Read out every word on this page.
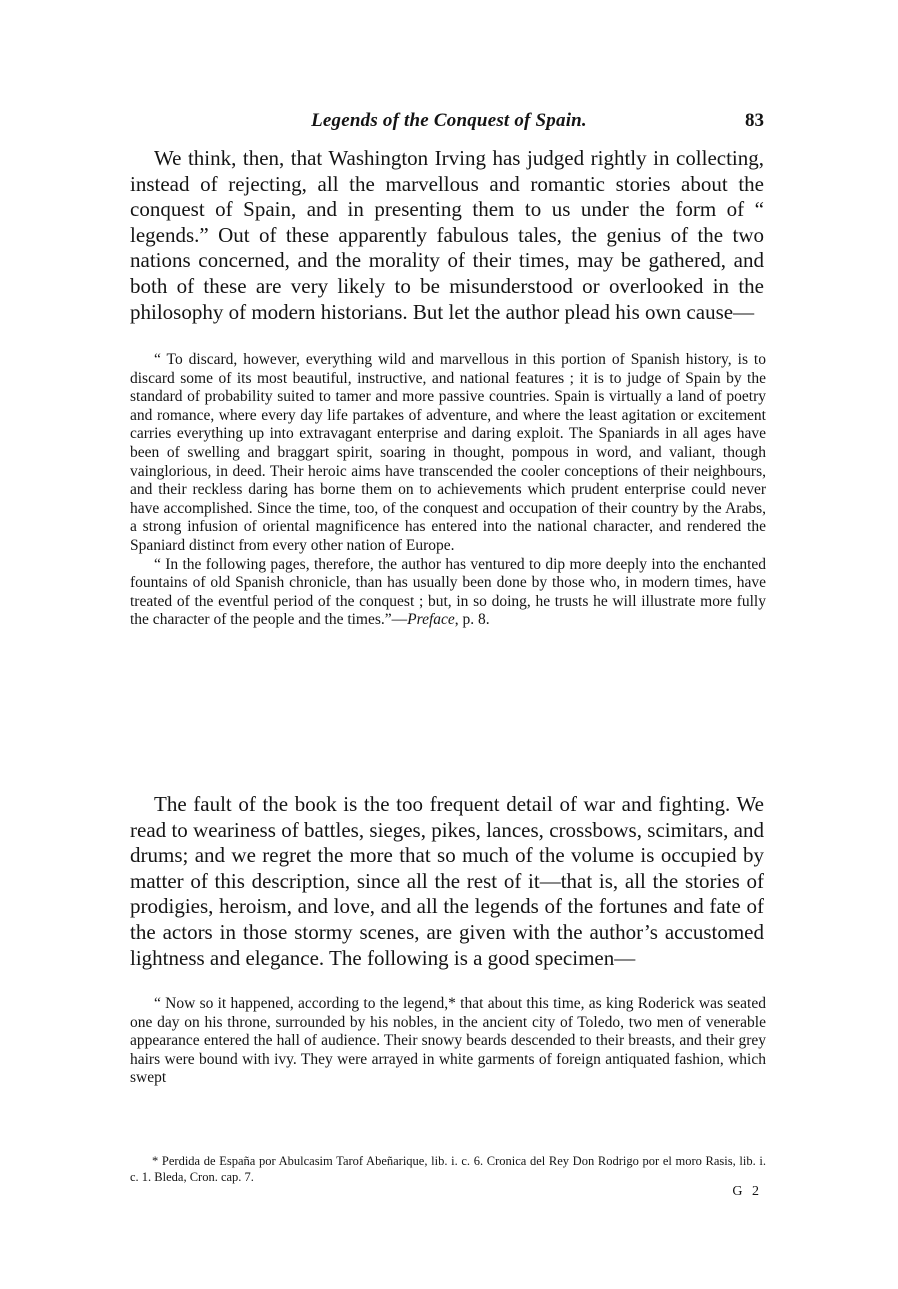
Legends of the Conquest of Spain.	83

We think, then, that Washington Irving has judged rightly in collecting, instead of rejecting, all the marvellous and romantic stories about the conquest of Spain, and in presenting them to us under the form of “ legends.” Out of these apparently fabulous tales, the genius of the two nations concerned, and the morality of their times, may be gathered, and both of these are very likely to be misunderstood or overlooked in the philosophy of modern historians. But let the author plead his own cause—

“ To discard, however, everything wild and marvellous in this portion of Spanish history, is to discard some of its most beautiful, instructive, and national features ; it is to judge of Spain by the standard of probability suited to tamer and more passive countries. Spain is virtually a land of poetry and romance, where every day life partakes of adventure, and where the least agitation or excitement carries everything up into extravagant enterprise and daring exploit. The Spaniards in all ages have been of swelling and braggart spirit, soaring in thought, pompous in word, and valiant, though vainglorious, in deed. Their heroic aims have transcended the cooler conceptions of their neighbours, and their reckless daring has borne them on to achievements which prudent enterprise could never have accomplished. Since the time, too, of the conquest and occupation of their country by the Arabs, a strong infusion of oriental magnificence has entered into the national character, and rendered the Spaniard distinct from every other nation of Europe.

“ In the following pages, therefore, the author has ventured to dip more deeply into the enchanted fountains of old Spanish chronicle, than has usually been done by those who, in modern times, have treated of the eventful period of the conquest ; but, in so doing, he trusts he will illustrate more fully the character of the people and the times.”—Preface, p. 8.

The fault of the book is the too frequent detail of war and fighting. We read to weariness of battles, sieges, pikes, lances, crossbows, scimitars, and drums; and we regret the more that so much of the volume is occupied by matter of this description, since all the rest of it—that is, all the stories of prodigies, heroism, and love, and all the legends of the fortunes and fate of the actors in those stormy scenes, are given with the author’s accustomed lightness and elegance. The following is a good specimen—

“ Now so it happened, according to the legend,* that about this time, as king Roderick was seated one day on his throne, surrounded by his nobles, in the ancient city of Toledo, two men of venerable appearance entered the hall of audience. Their snowy beards descended to their breasts, and their grey hairs were bound with ivy. They were arrayed in white garments of foreign antiquated fashion, which swept

* Perdida de España por Abulcasim Tarof Abeñarique, lib. i. c. 6. Cronica del Rey Don Rodrigo por el moro Rasis, lib. i. c. 1. Bleda, Cron. cap. 7.

G 2
